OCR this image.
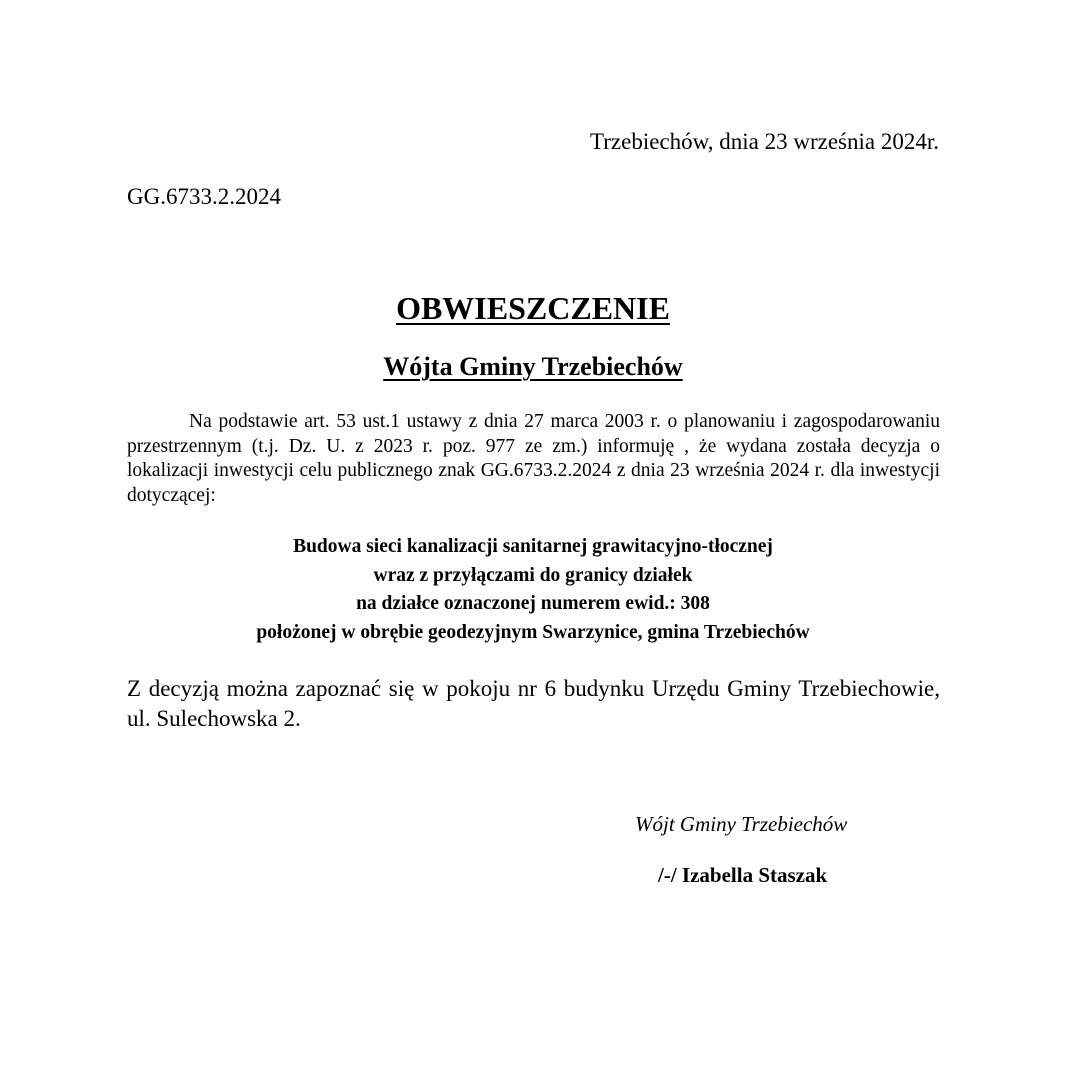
Trzebiechów, dnia 23 września 2024r.
GG.6733.2.2024
OBWIESZCZENIE
Wójta Gminy Trzebiechów
Na podstawie art. 53 ust.1 ustawy z dnia 27 marca 2003 r. o planowaniu i zagospodarowaniu przestrzennym (t.j. Dz. U. z 2023 r. poz. 977 ze zm.) informuję , że wydana została decyzja o lokalizacji inwestycji celu publicznego znak GG.6733.2.2024 z dnia 23 września 2024 r. dla inwestycji dotyczącej:
Budowa sieci kanalizacji sanitarnej grawitacyjno-tłocznej
wraz z przyłączami do granicy działek
na działce oznaczonej numerem ewid.: 308
położonej w obrębie geodezyjnym Swarzynice, gmina Trzebiechów
Z decyzją można zapoznać się w pokoju nr 6 budynku Urzędu Gminy Trzebiechowie, ul. Sulechowska 2.
Wójt Gminy Trzebiechów
/-/ Izabella Staszak
